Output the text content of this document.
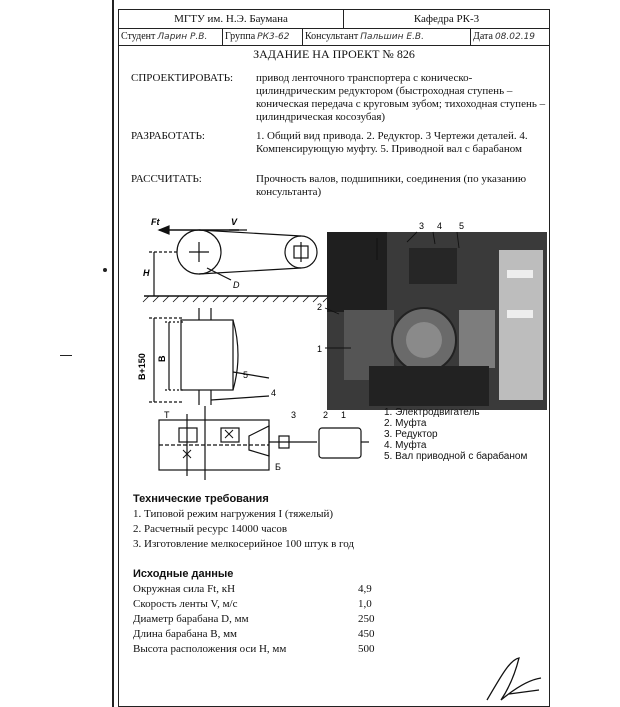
МГТУ им. Н.Э. Баумана	Кафедра РК-3
Студент Ларин Р.В. Группа РК3-62 Консультант Пальшин Е.В.	Дата 08.02.19
ЗАДАНИЕ НА ПРОЕКТ № 826
СПРОЕКТИРОВАТЬ: привод ленточного транспортера с коническо-цилиндрическим редуктором (быстроходная ступень – коническая передача с круговым зубом; тихоходная ступень – цилиндрическая косозубая)
РАЗРАБОТАТЬ:	1. Общий вид привода. 2. Редуктор. 3 Чертежи деталей. 4. Компенсирующую муфту. 5. Приводной вал с барабаном
РАССЧИТАТЬ:	Прочность валов, подшипники, соединения (по указанию консультанта)
Ft	V
H
D
B+150 B
5
4
T	3	2 1
Б
3 4 5
2
1
1. Электродвигатель
2. Муфта
3. Редуктор
4. Муфта
5. Вал приводной с барабаном
Технические требования
1. Типовой режим нагружения I (тяжелый)
2. Расчетный ресурс 14000 часов
3. Изготовление мелкосерийное 100 штук в год
Исходные данные
Окружная сила Ft, кН	4,9
Скорость ленты V, м/с	1,0
Диаметр барабана D, мм	250
Длина барабана B, мм	450
Высота расположения оси H, мм	500
